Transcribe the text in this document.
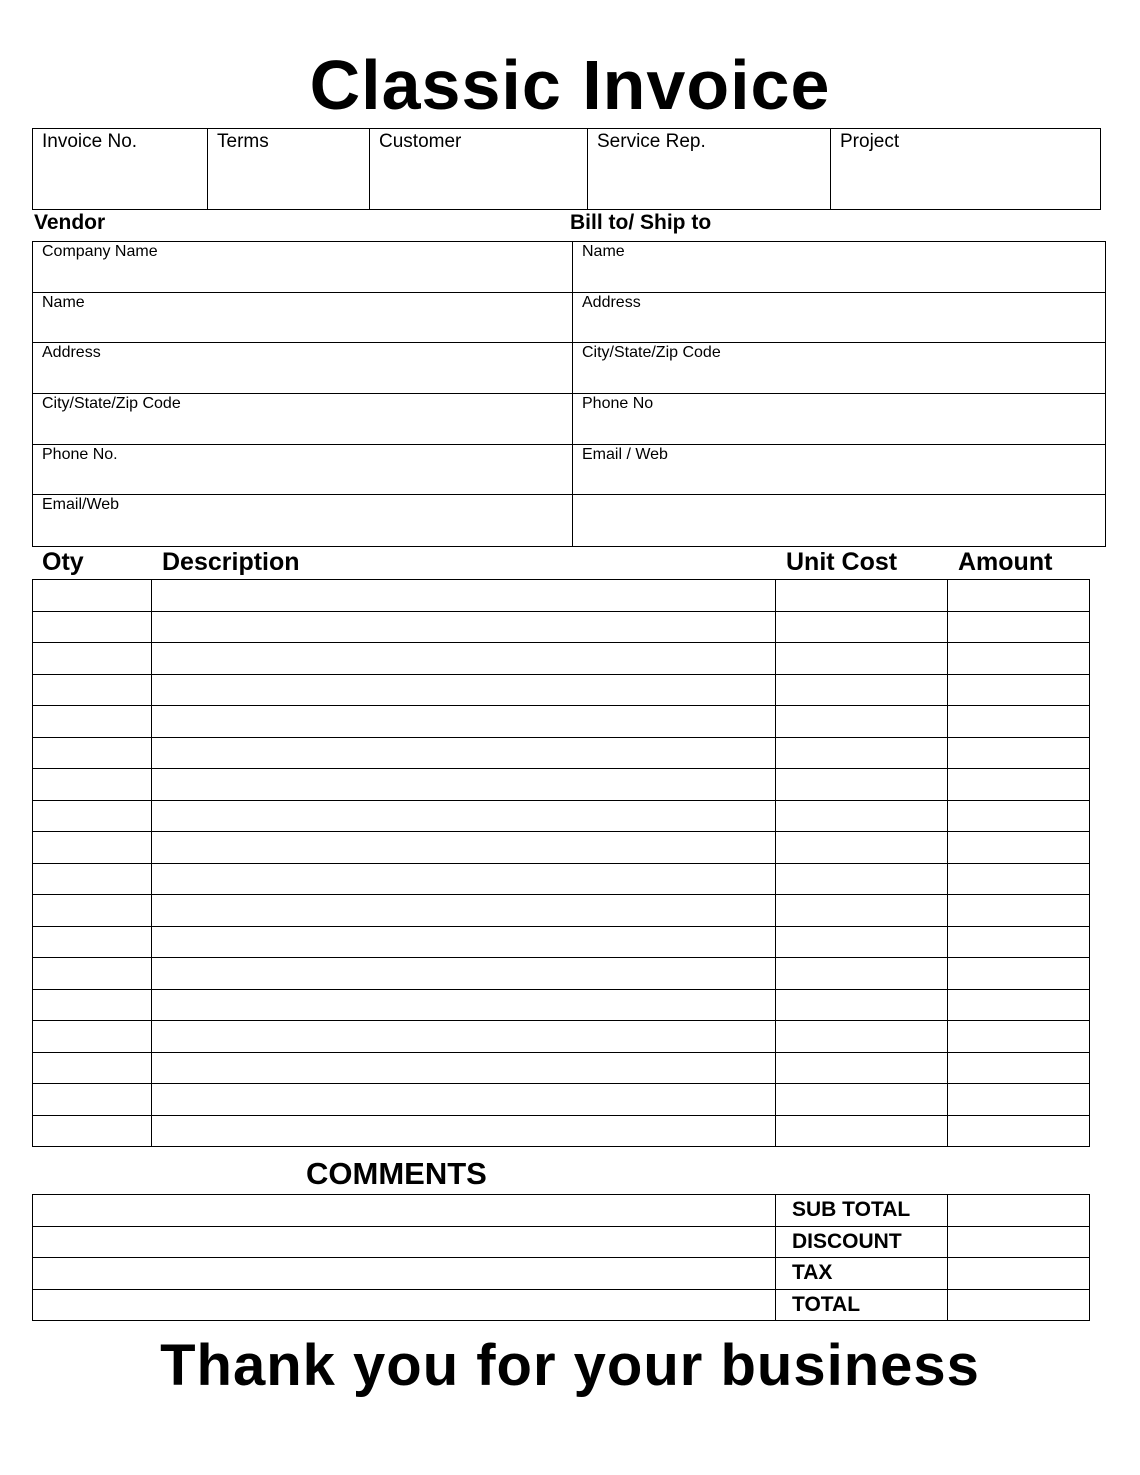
Classic Invoice
Invoice No.	Terms	Customer	Service Rep.	Project
Vendor	Bill to/ Ship to
Company Name	Name
Name	Address
Address	City/State/Zip Code
City/State/Zip Code	Phone No
Phone No.	Email / Web
Email/Web
Oty	Description	Unit Cost Amount

COMMENTS
	SUB TOTAL	
	DISCOUNT	
	TAX	
	TOTAL	
Thank you for your business
